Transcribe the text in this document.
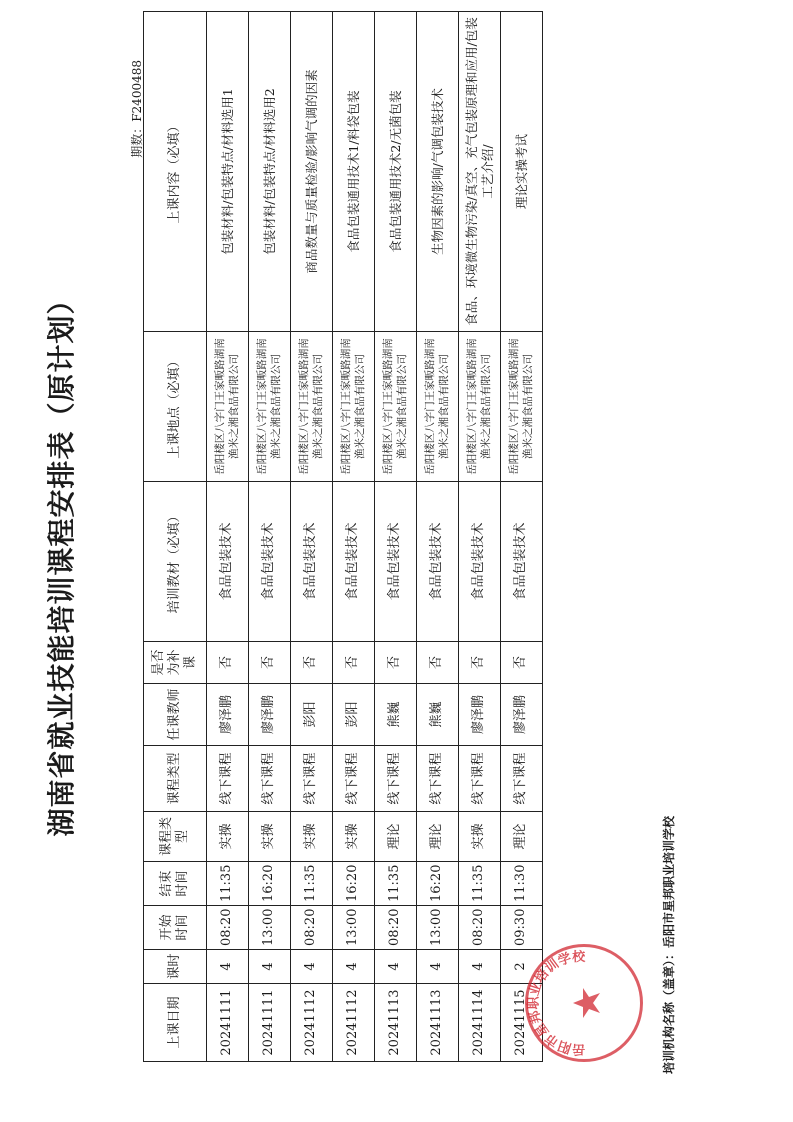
湖南省就业技能培训课程安排表（原计划）
期数：F2400488
上课日期	课时	开始时间	结束时间	课程类型	课程类型	任课教师	是否为补课	培训教材（必填）	上课地点（必填）	上课内容（必填）
20241111	4	08:20	11:35	实操	线下课程	廖泽鹏	否	食品包装技术	岳阳楼区八字门王家畈路湖南渔米之湘食品有限公司	包装材料/包装特点/材料选用1
20241111	4	13:00	16:20	实操	线下课程	廖泽鹏	否	食品包装技术	岳阳楼区八字门王家畈路湖南渔米之湘食品有限公司	包装材料/包装特点/材料选用2
20241112	4	08:20	11:35	实操	线下课程	彭阳	否	食品包装技术	岳阳楼区八字门王家畈路湖南渔米之湘食品有限公司	商品数量与质量检验/影响气调的因素
20241112	4	13:00	16:20	实操	线下课程	彭阳	否	食品包装技术	岳阳楼区八字门王家畈路湖南渔米之湘食品有限公司	食品包装通用技术1/料袋包装
20241113	4	08:20	11:35	理论	线下课程	熊巍	否	食品包装技术	岳阳楼区八字门王家畈路湖南渔米之湘食品有限公司	食品包装通用技术2/无菌包装
20241113	4	13:00	16:20	理论	线下课程	熊巍	否	食品包装技术	岳阳楼区八字门王家畈路湖南渔米之湘食品有限公司	生物因素的影响/气调包装技术
20241114	4	08:20	11:35	实操	线下课程	廖泽鹏	否	食品包装技术	岳阳楼区八字门王家畈路湖南渔米之湘食品有限公司	食品、环境微生物污染/真空、充气包装原理和应用/包装工艺介绍/
20241115	2	09:30	11:30	理论	线下课程	廖泽鹏	否	食品包装技术	岳阳楼区八字门王家畈路湖南渔米之湘食品有限公司	理论实操考试
培训机构名称（盖章）：岳阳市星邦职业培训学校
岳阳市星邦职业培训学校
